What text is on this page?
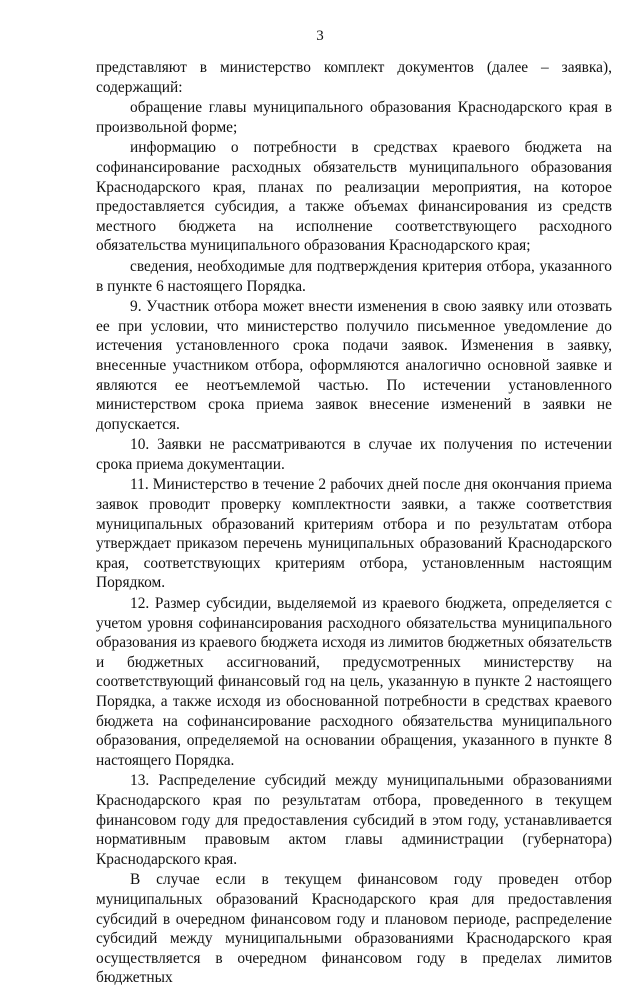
3

представляют в министерство комплект документов (далее – заявка), содержащий:

обращение главы муниципального образования Краснодарского края в произвольной форме;

информацию о потребности в средствах краевого бюджета на софинансирование расходных обязательств муниципального образования Краснодарского края, планах по реализации мероприятия, на которое предоставляется субсидия, а также объемах финансирования из средств местного бюджета на исполнение соответствующего расходного обязательства муниципального образования Краснодарского края;

сведения, необходимые для подтверждения критерия отбора, указанного в пункте 6 настоящего Порядка.

9. Участник отбора может внести изменения в свою заявку или отозвать ее при условии, что министерство получило письменное уведомление до истечения установленного срока подачи заявок. Изменения в заявку, внесенные участником отбора, оформляются аналогично основной заявке и являются ее неотъемлемой частью. По истечении установленного министерством срока приема заявок внесение изменений в заявки не допускается.

10. Заявки не рассматриваются в случае их получения по истечении срока приема документации.

11. Министерство в течение 2 рабочих дней после дня окончания приема заявок проводит проверку комплектности заявки, а также соответствия муниципальных образований критериям отбора и по результатам отбора утверждает приказом перечень муниципальных образований Краснодарского края, соответствующих критериям отбора, установленным настоящим Порядком.

12. Размер субсидии, выделяемой из краевого бюджета, определяется с учетом уровня софинансирования расходного обязательства муниципального образования из краевого бюджета исходя из лимитов бюджетных обязательств и бюджетных ассигнований, предусмотренных министерству на соответствующий финансовый год на цель, указанную в пункте 2 настоящего Порядка, а также исходя из обоснованной потребности в средствах краевого бюджета на софинансирование расходного обязательства муниципального образования, определяемой на основании обращения, указанного в пункте 8 настоящего Порядка.

13. Распределение субсидий между муниципальными образованиями Краснодарского края по результатам отбора, проведенного в текущем финансовом году для предоставления субсидий в этом году, устанавливается нормативным правовым актом главы администрации (губернатора) Краснодарского края.

В случае если в текущем финансовом году проведен отбор муниципальных образований Краснодарского края для предоставления субсидий в очередном финансовом году и плановом периоде, распределение субсидий между муниципальными образованиями Краснодарского края осуществляется в очередном финансовом году в пределах лимитов бюджетных
